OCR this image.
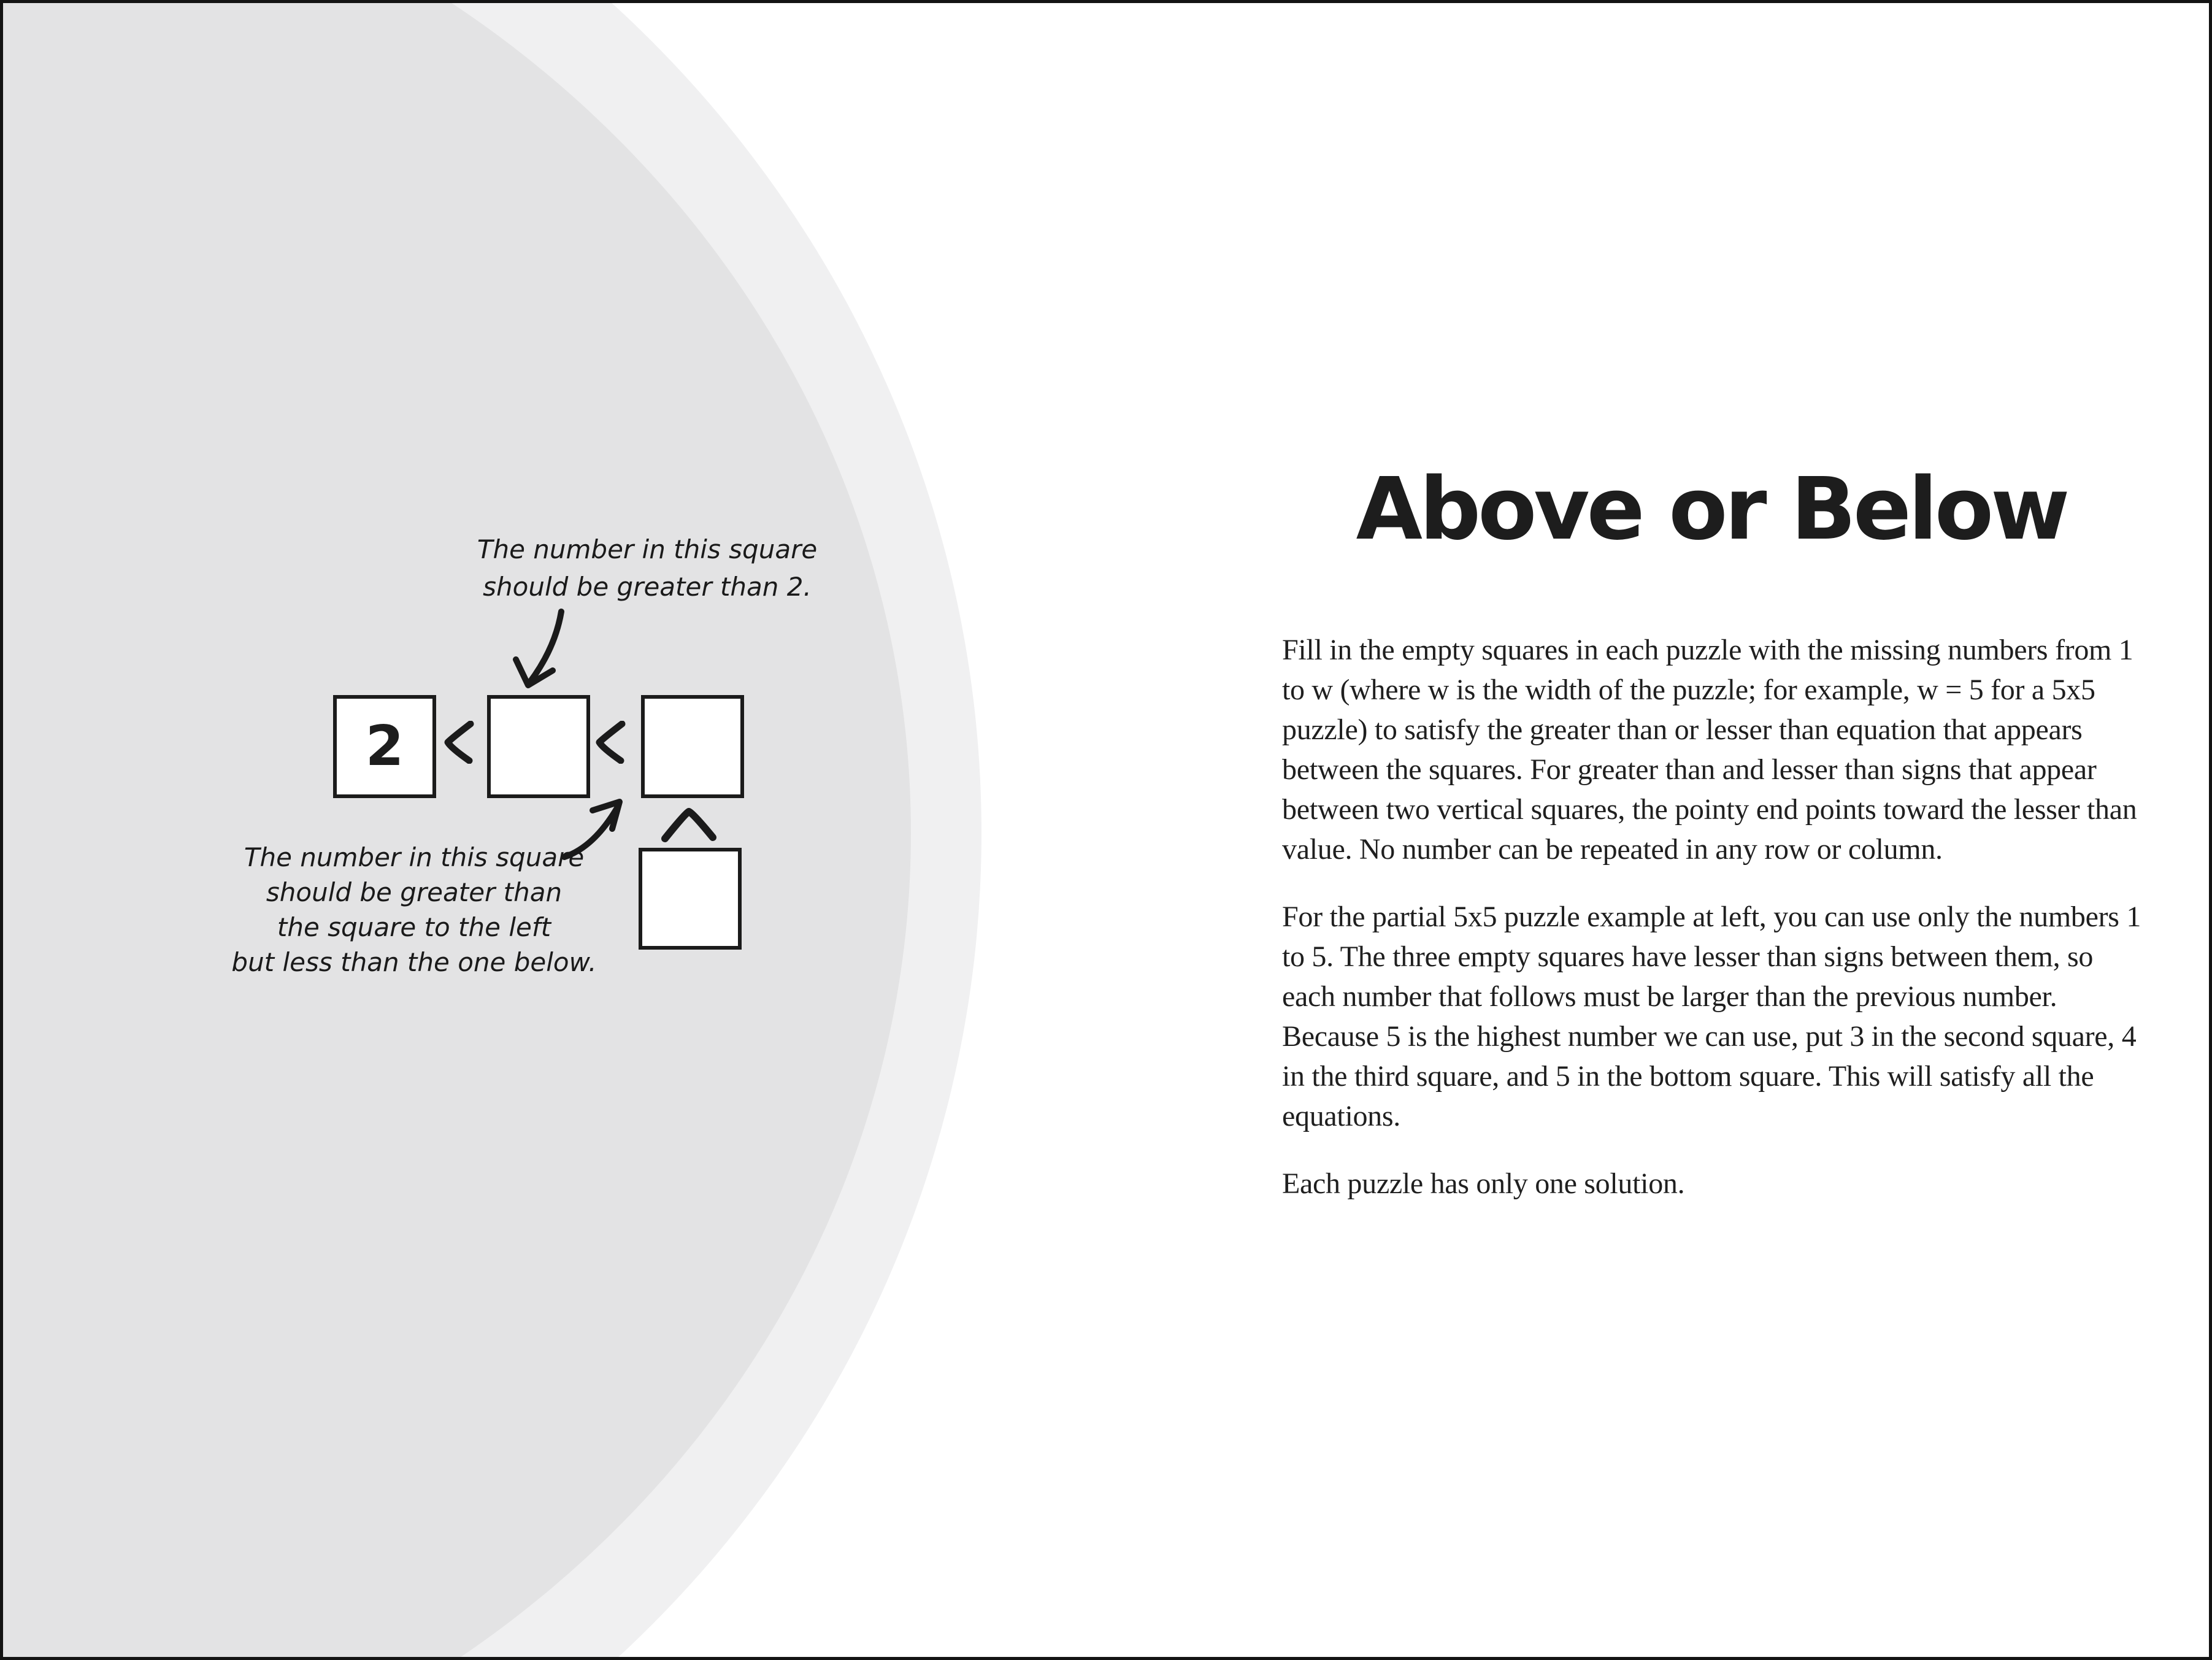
The number in this square
should be greater than 2.
2
The number in this square
should be greater than
the square to the left
but less than the one below.
Above or Below

Fill in the empty squares in each puzzle with the missing numbers from 1 to w (where w is the width of the puzzle; for example, w = 5 for a 5x5 puzzle) to satisfy the greater than or lesser than equation that appears between the squares. For greater than and lesser than signs that appear between two vertical squares, the pointy end points toward the lesser than value. No number can be repeated in any row or column.

For the partial 5x5 puzzle example at left, you can use only the numbers 1 to 5. The three empty squares have lesser than signs between them, so each number that follows must be larger than the previous number. Because 5 is the highest number we can use, put 3 in the second square, 4 in the third square, and 5 in the bottom square. This will satisfy all the equations.

Each puzzle has only one solution.
